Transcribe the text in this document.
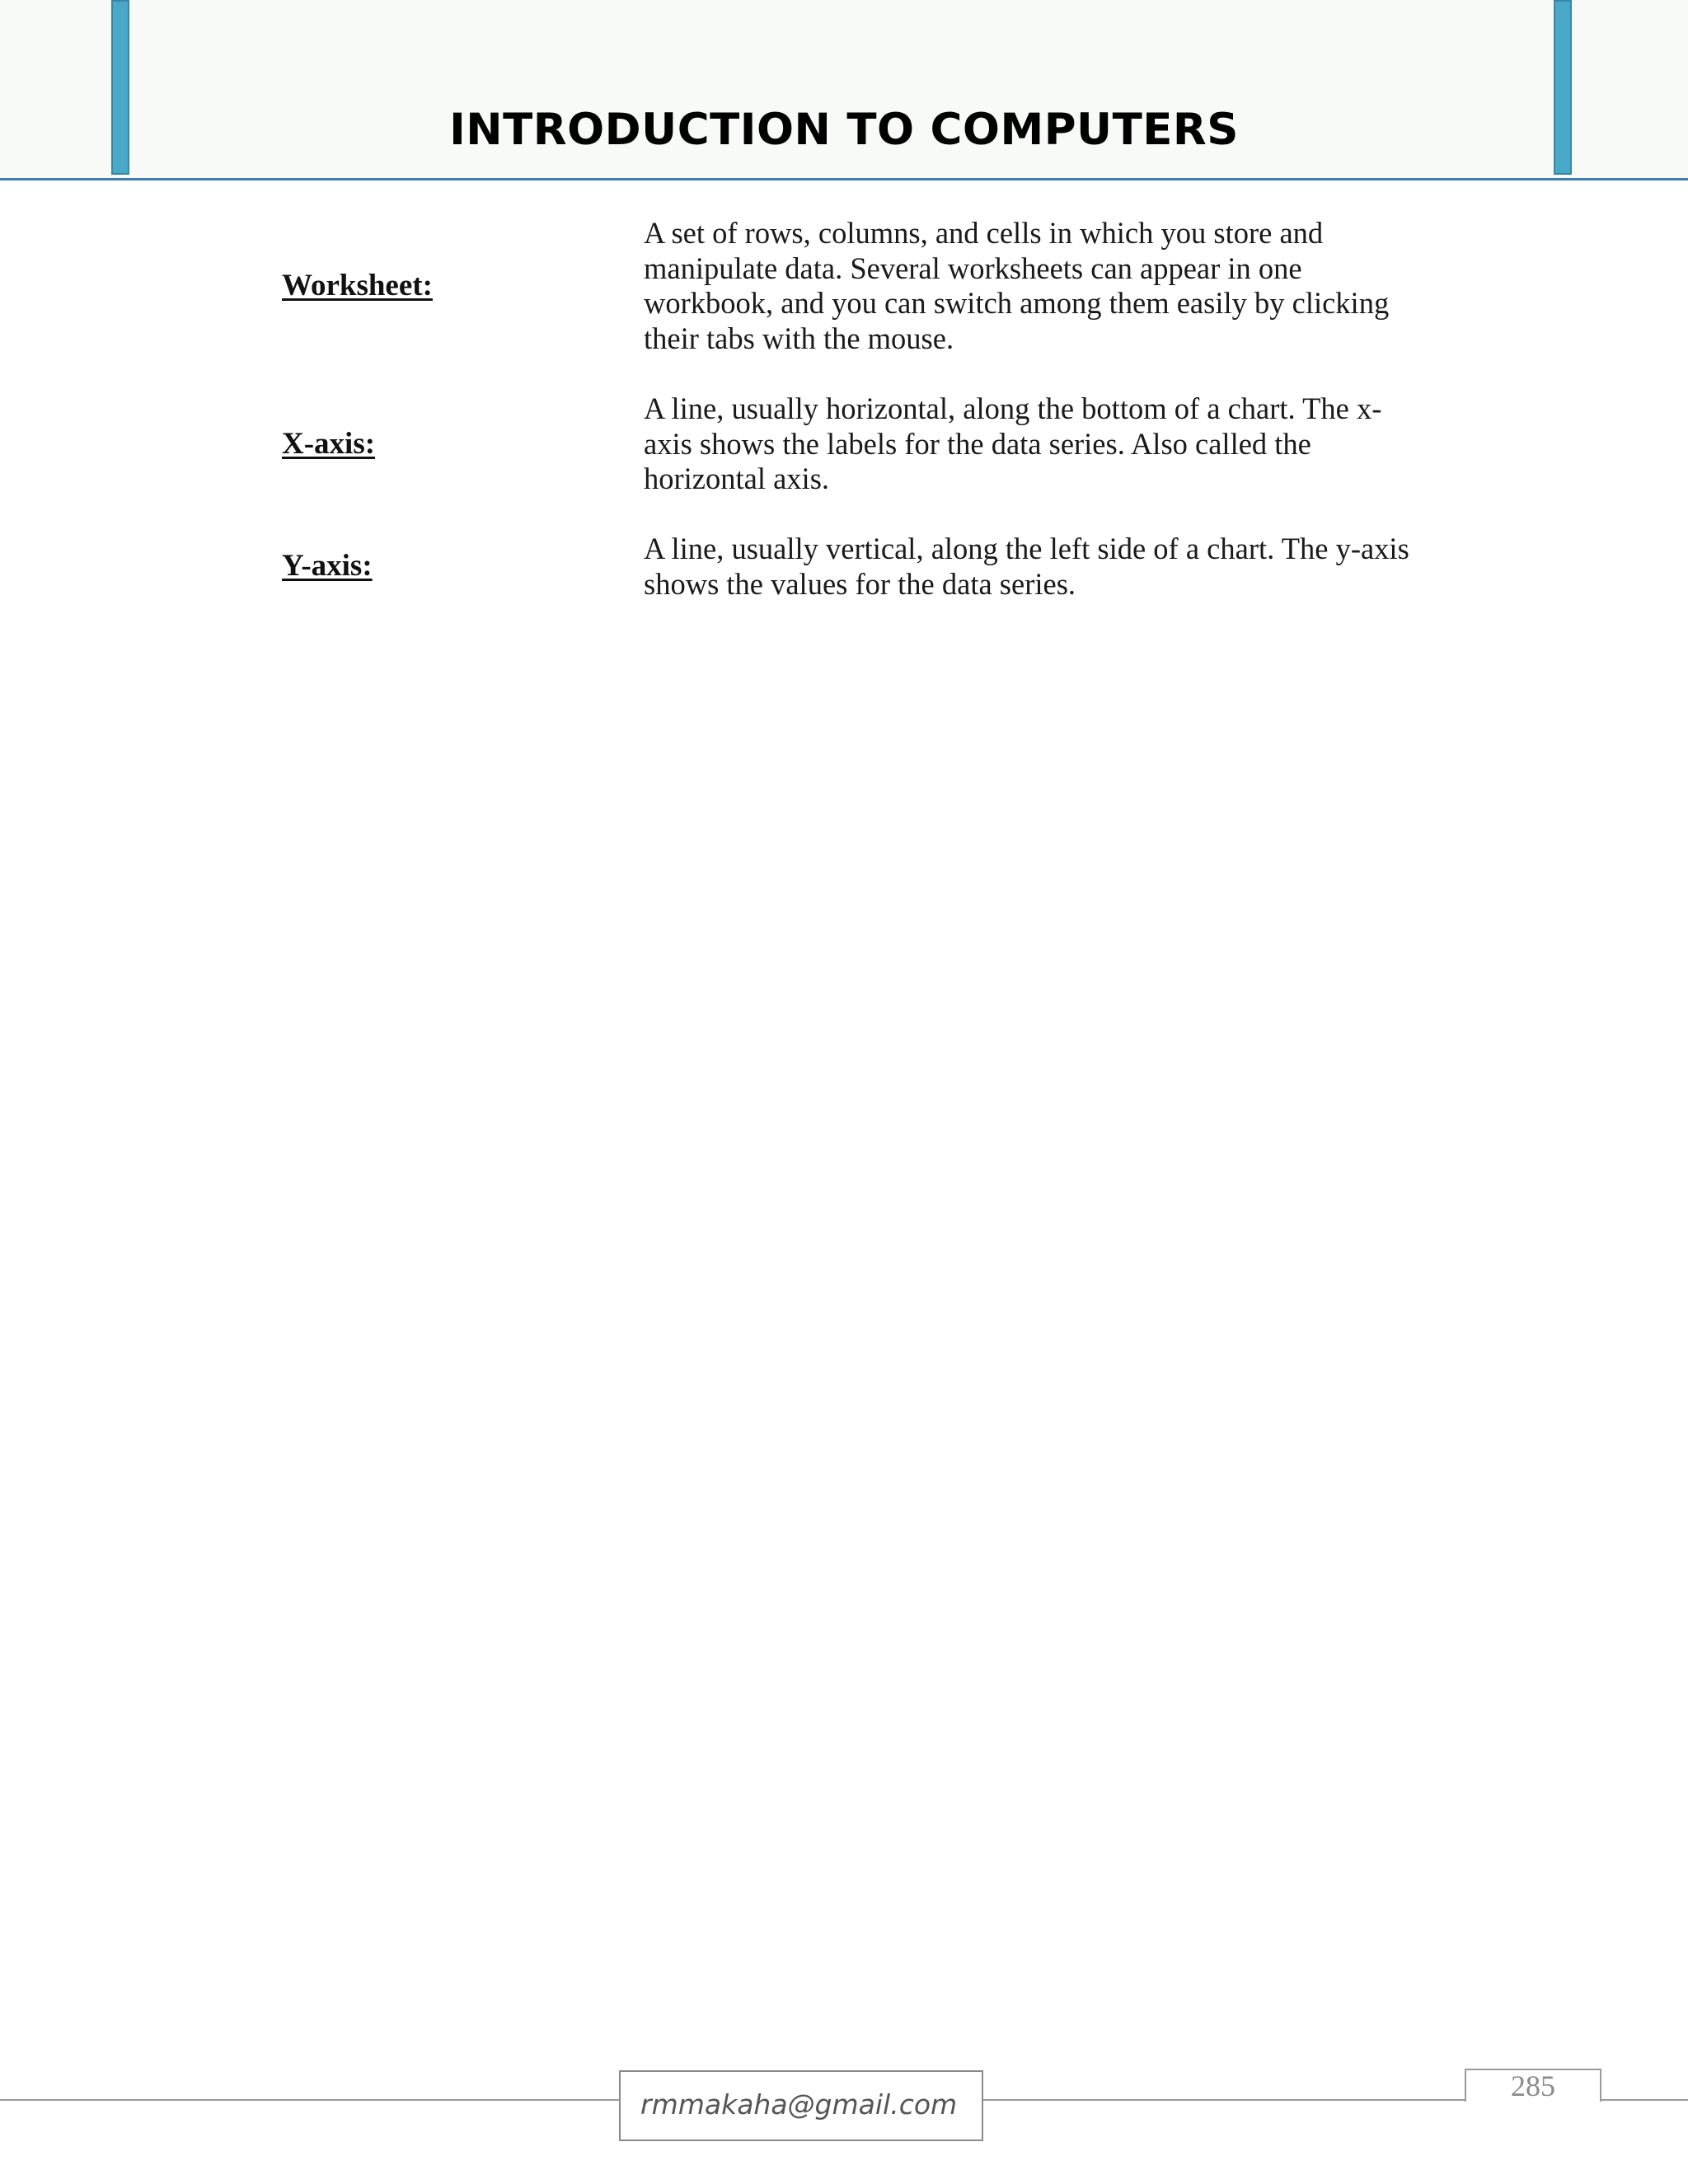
INTRODUCTION TO COMPUTERS
Worksheet:
A set of rows, columns, and cells in which you store and manipulate data. Several worksheets can appear in one workbook, and you can switch among them easily by clicking their tabs with the mouse.
X-axis:
A line, usually horizontal, along the bottom of a chart. The x-axis shows the labels for the data series. Also called the horizontal axis.
Y-axis:
A line, usually vertical, along the left side of a chart. The y-axis shows the values for the data series.
rmmakaha@gmail.com
285
